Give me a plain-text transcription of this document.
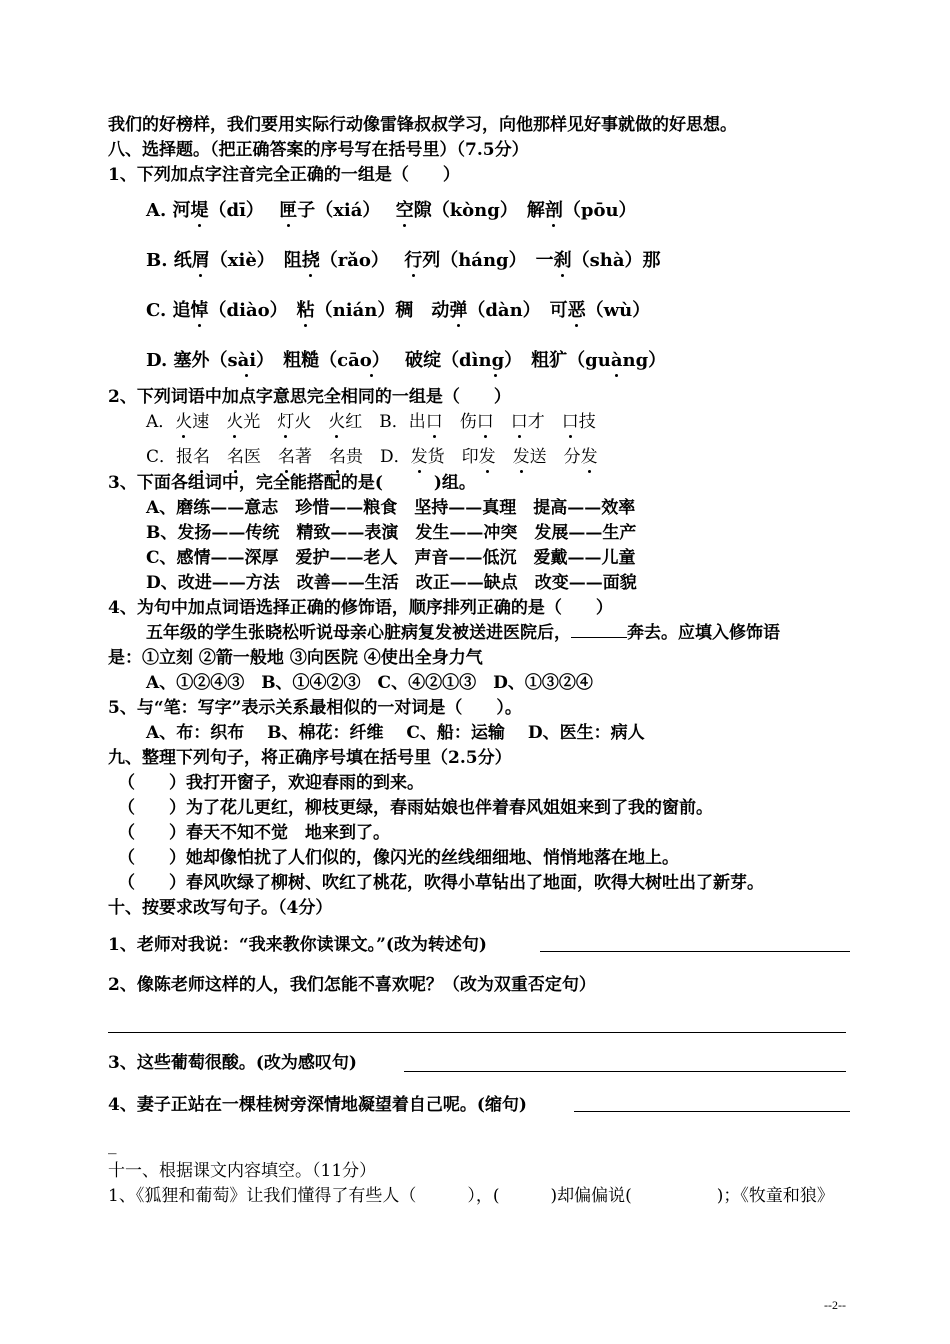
我们的好榜样，我们要用实际行动像雷锋叔叔学习，向他那样见好事就做的好思想。
八、选择题。（把正确答案的序号写在括号里）（7.5分）
1、下列加点字注音完全正确的一组是（　　）
A. 河堤（dī）　 匣子（xiá）　 空隙（kòng）　解剖（pōu）
B. 纸屑（xiè）　阻挠（rǎo）　 行列（háng）　一刹（shà）那
C. 追悼（diào）　粘（nián）稠　动弹（dàn）　可恶（wù）
D. 塞外（sài）　粗糙（cāo）　 破绽（dìng）　粗犷（guàng）
2、下列词语中加点字意思完全相同的一组是（　　）
A．火速　火光　灯火　火红　B．出口　伤口　 口才　口技
C．报名　 名医　名著　名贵　D．发货　印发　 发送　分发
3、下面各组词中，完全能搭配的是(　　　)组。
A、磨练——意志　珍惜——粮食　坚持——真理　提高——效率
B、发扬——传统　精致——表演　发生——冲突　发展——生产
C、感情——深厚　爱护——老人　声音——低沉　爱戴——儿童
D、改进——方法　改善——生活　改正——缺点　改变——面貌
4、为句中加点词语选择正确的修饰语，顺序排列正确的是（　　）
五年级的学生张晓松听说母亲心脏病复发被送进医院后，	奔去。应填入修饰语
是：①立刻 ②箭一般地 ③向医院 ④使出全身力气
A、①②④③　B、①④②③　C、④②①③　D、①③②④
5、与“笔：写字”表示关系最相似的一对词是（　　）。
A、布：织布　 B、棉花：纤维　 C、船：运输　 D、医生：病人
九、整理下列句子，将正确序号填在括号里（2.5分）
（　　）我打开窗子，欢迎春雨的到来。
（　　）为了花儿更红，柳枝更绿，春雨姑娘也伴着春风姐姐来到了我的窗前。
（　　）春天不知不觉　地来到了。
（　　）她却像怕扰了人们似的，像闪光的丝线细细地、悄悄地落在地上。
（　　）春风吹绿了柳树、吹红了桃花，吹得小草钻出了地面，吹得大树吐出了新芽。
十、按要求改写句子。（4分）
1、老师对我说：“我来教你读课文。”(改为转述句)
2、像陈老师这样的人，我们怎能不喜欢呢？（改为双重否定句）
3、这些葡萄很酸。(改为感叹句)
4、妻子正站在一棵桂树旁深情地凝望着自己呢。(缩句)
_
十一、根据课文内容填空。（11分）
1、《狐狸和葡萄》让我们懂得了有些人（　　　），(　　　)却偏偏说(　　　　　)；《牧童和狼》
--2--
